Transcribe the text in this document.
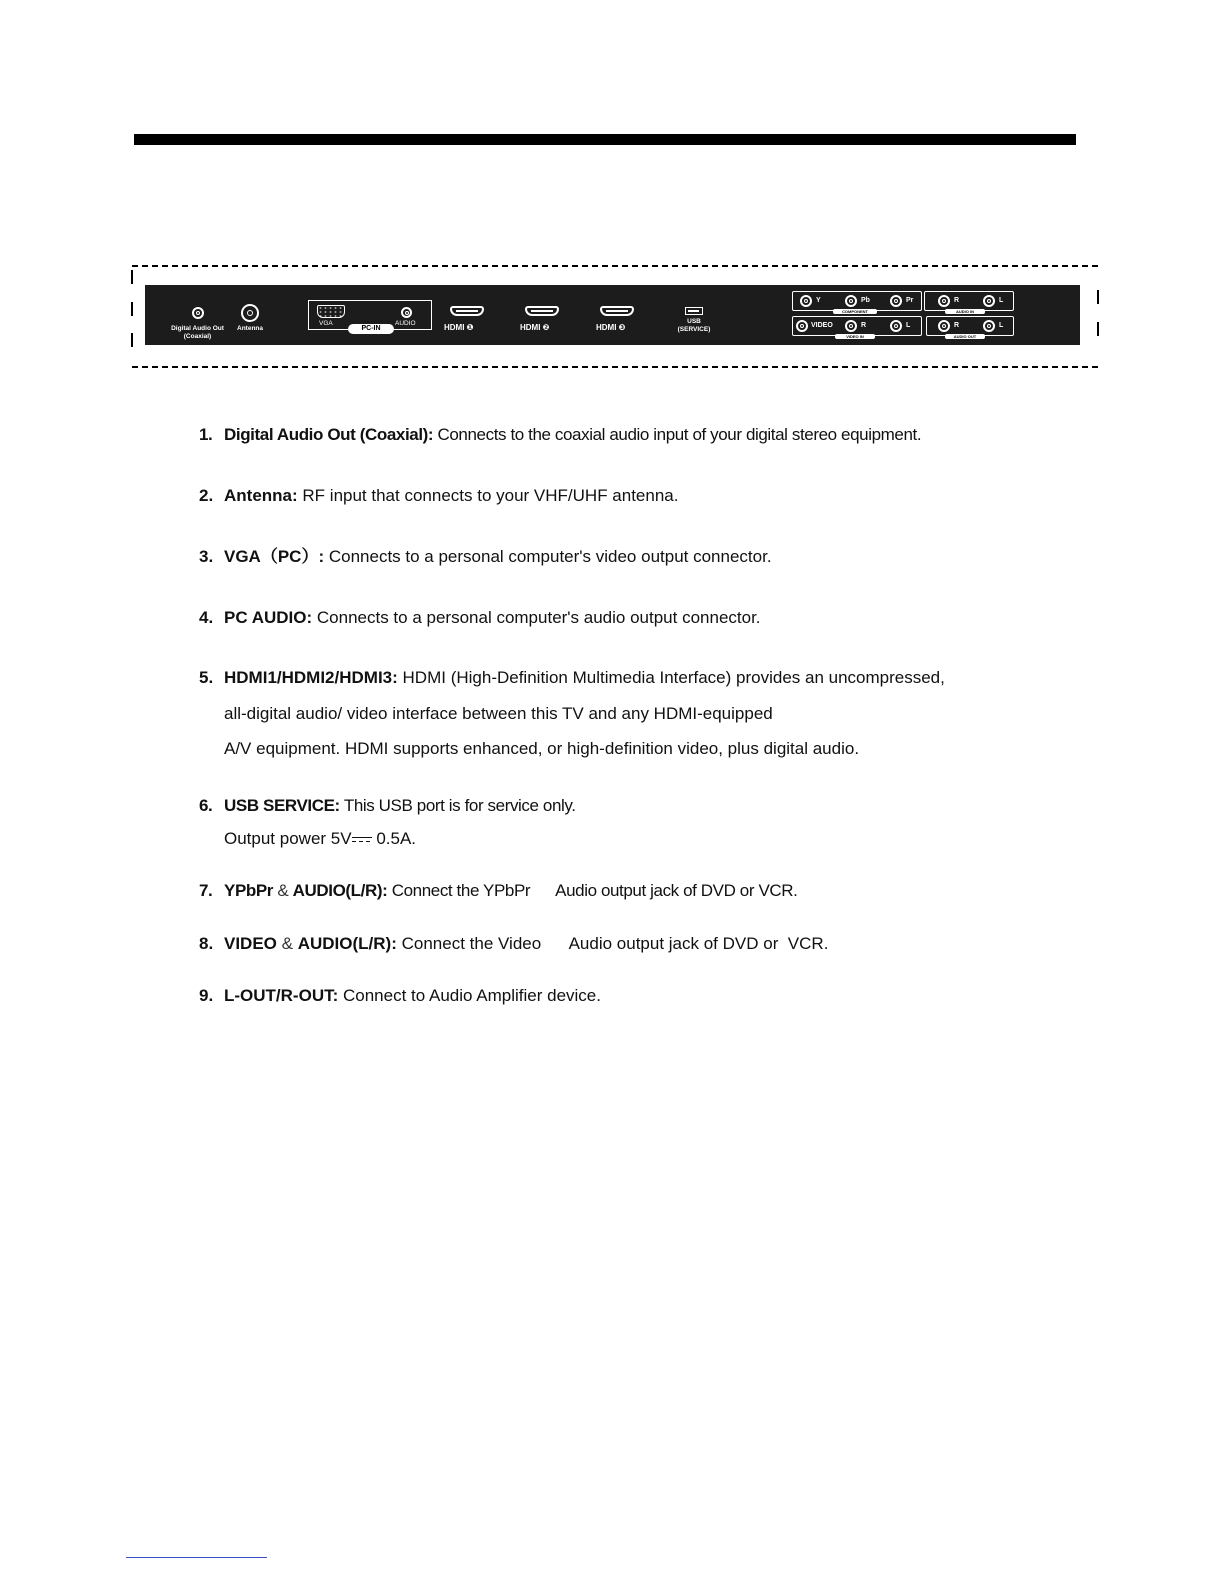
Digital Audio Out
(Coaxial)
Antenna
VGA	AUDIO
PC-IN	HDMI ❶	HDMI ❷	HDMI ❸
USB
(SERVICE)
Y	Pb	Pr
COMPONENT
R	L
AUDIO IN
VIDEO	R	L
VIDEO IN
R	L
AUDIO OUT
1. Digital Audio Out (Coaxial): Connects to the coaxial audio input of your digital stereo equipment.
2. Antenna: RF input that connects to your VHF/UHF antenna.
3. VGA（PC）: Connects to a personal computer's video output connector.
4. PC AUDIO: Connects to a personal computer's audio output connector.
5. HDMI1/HDMI2/HDMI3: HDMI (High-Definition Multimedia Interface) provides an uncompressed,
all-digital audio/ video interface between this TV and any HDMI-equipped
A/V equipment. HDMI supports enhanced, or high-definition video, plus digital audio.
6. USB SERVICE: This USB port is for service only.
Output power 5V 0.5A.
7. YPbPr & AUDIO(L/R): Connect the YPbPr      Audio output jack of DVD or VCR.
8. VIDEO & AUDIO(L/R): Connect the Video      Audio output jack of DVD or  VCR.
9. L-OUT/R-OUT: Connect to Audio Amplifier device.
